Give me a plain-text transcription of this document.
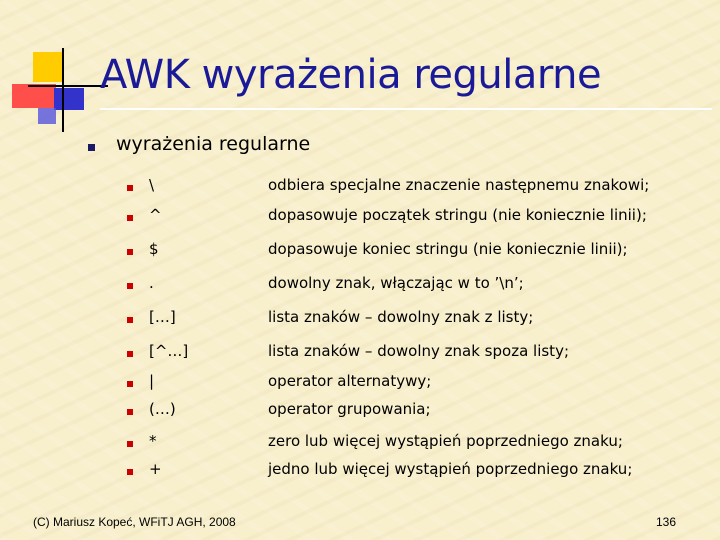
AWK wyrażenia regularne
wyrażenia regularne
\	odbiera specjalne znaczenie następnemu znakowi;
^	dopasowuje początek stringu (nie koniecznie linii);
$	dopasowuje koniec stringu (nie koniecznie linii);
.	dowolny znak, włączając w to ’\n’;
[…]	lista znaków – dowolny znak z listy;
[^…]	lista znaków – dowolny znak spoza listy;
|	operator alternatywy;
(…)	operator grupowania;
*	zero lub więcej wystąpień poprzedniego znaku;
+	jedno lub więcej wystąpień poprzedniego znaku;
(C) Mariusz Kopeć, WFiTJ AGH, 2008	136
